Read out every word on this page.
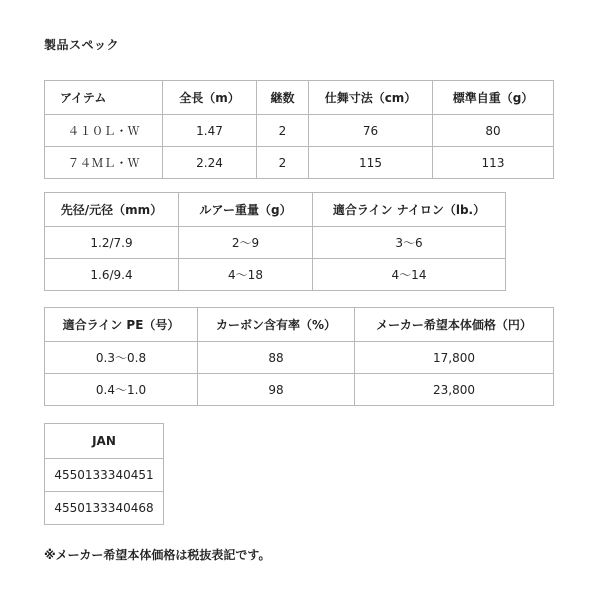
製品スペック
アイテム	全長（m）	継数	仕舞寸法（cm）	標準自重（g）
４１０Ｌ・Ｗ	1.47	2	76	80
７４ＭＬ・Ｗ	2.24	2	115	113
先径/元径（mm）	ルアー重量（g）	適合ライン ナイロン（lb.）
1.2/7.9	2〜9	3〜6
1.6/9.4	4〜18	4〜14
適合ライン PE（号）	カーボン含有率（%）	メーカー希望本体価格（円）
0.3〜0.8	88	17,800
0.4〜1.0	98	23,800
JAN
4550133340451
4550133340468
※メーカー希望本体価格は税抜表記です。
